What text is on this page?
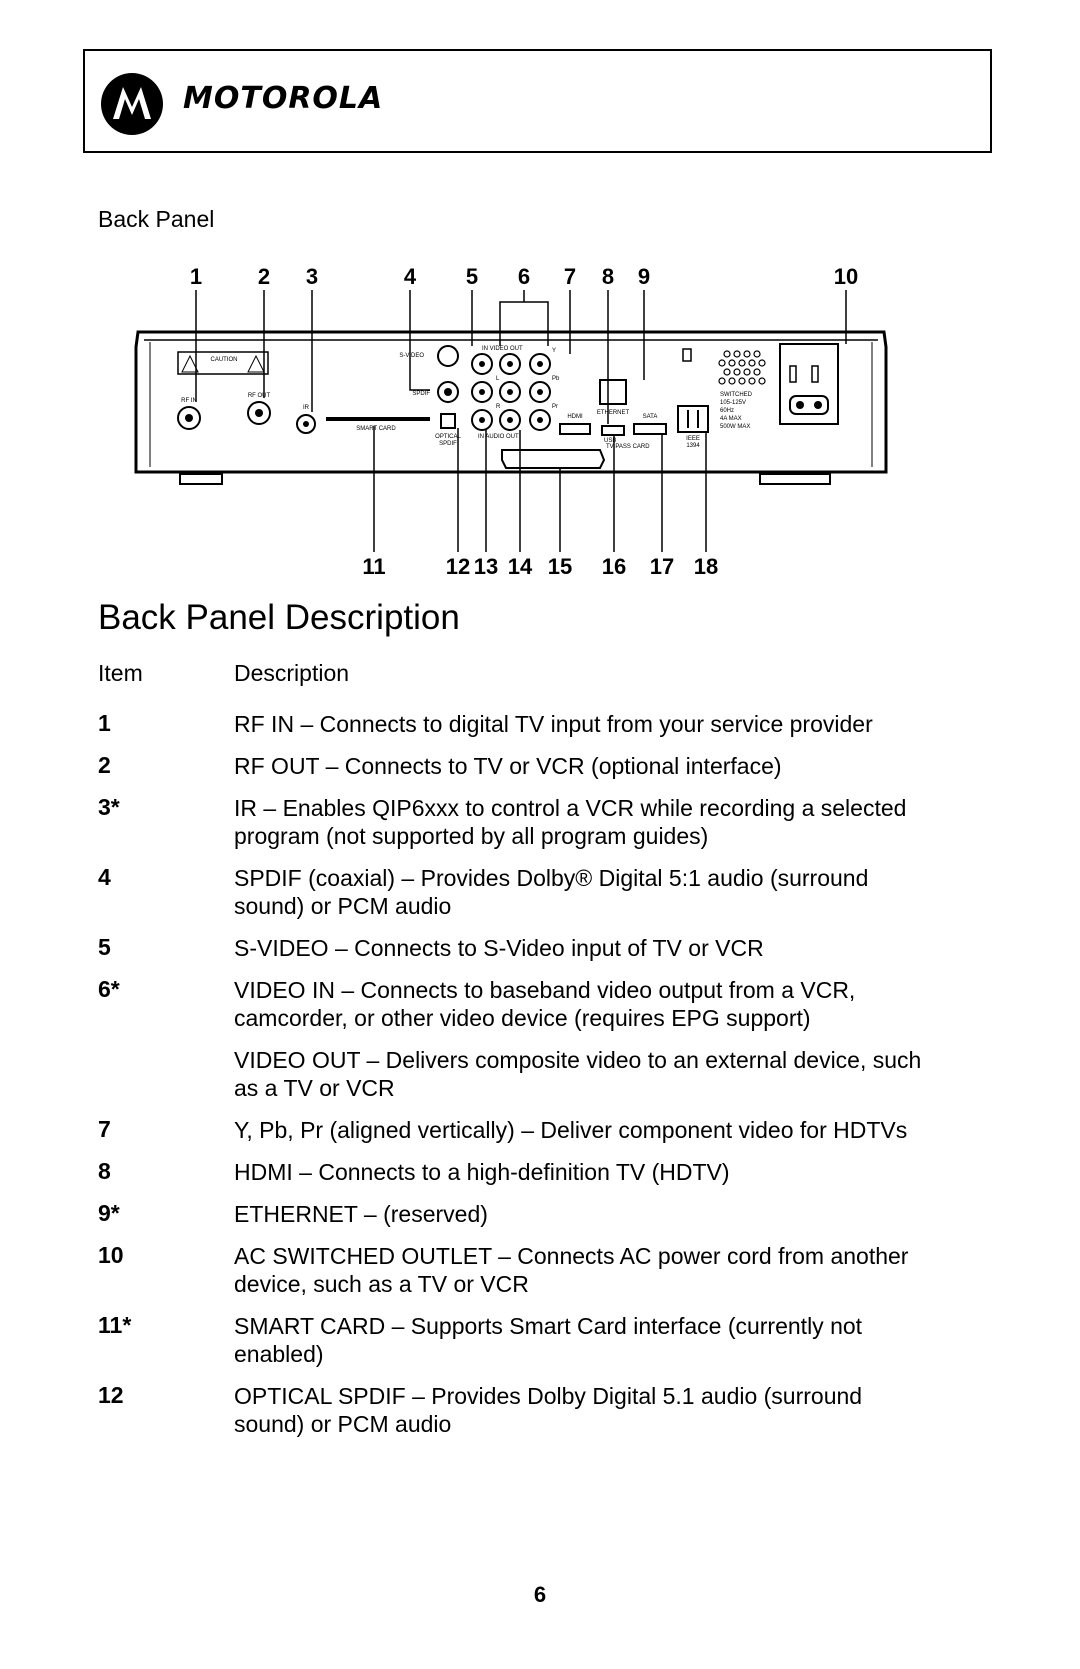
MOTOROLA
Back Panel
CAUTION
RF IN
RF OUT
IR
SMART CARD
S-VIDEO
SPDIF
OPTICAL
SPDIF
IN VIDEO OUT	Y
Pb
Pr
L
R
IN AUDIO OUT
HDMI
ETHERNET
USB
TV PASS CARD
SATA
IEEE
1394
SWITCHED
105-125V
60Hz
4A MAX
500W MAX
1	2 3	4 5 6 7 8 9	10
11	12 13 14 15 16 17 18
Back Panel Description
Item	Description
1	RF IN – Connects to digital TV input from your service provider
2	RF OUT – Connects to TV or VCR (optional interface)
3*	IR – Enables QIP6xxx to control a VCR while recording a selected
program (not supported by all program guides)
4	SPDIF (coaxial) – Provides Dolby® Digital 5:1 audio (surround
sound) or PCM audio
5	S-VIDEO – Connects to S-Video input of TV or VCR
6*	VIDEO IN – Connects to baseband video output from a VCR,
camcorder, or other video device (requires EPG support)
VIDEO OUT – Delivers composite video to an external device, such
as a TV or VCR
7	Y, Pb, Pr (aligned vertically) – Deliver component video for HDTVs
8	HDMI – Connects to a high-definition TV (HDTV)
9*	ETHERNET – (reserved)
10	AC SWITCHED OUTLET – Connects AC power cord from another
device, such as a TV or VCR
11*	SMART CARD – Supports Smart Card interface (currently not
enabled)
12	OPTICAL SPDIF – Provides Dolby Digital 5.1 audio (surround
sound) or PCM audio
6
